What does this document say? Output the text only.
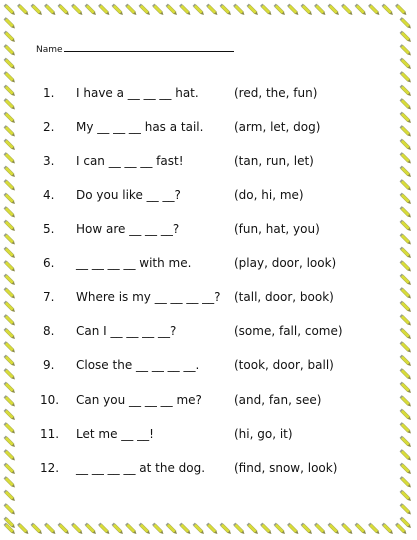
Name
1. I have a __ __ __ hat.	(red, the, fun)
2. My __ __ __ has a tail.	(arm, let, dog)
3. I can __ __ __ fast!	(tan, run, let)
4. Do you like __ __?	(do, hi, me)
5. How are __ __ __?	(fun, hat, you)
6. __ __ __ __ with me.	(play, door, look)
7. Where is my __ __ __ __? (tall, door, book)
8. Can I __ __ __ __?	(some, fall, come)
9. Close the __ __ __ __.	(took, door, ball)
10. Can you __ __ __ me?	(and, fan, see)
11. Let me __ __!	(hi, go, it)
12. __ __ __ __ at the dog. (find, snow, look)
